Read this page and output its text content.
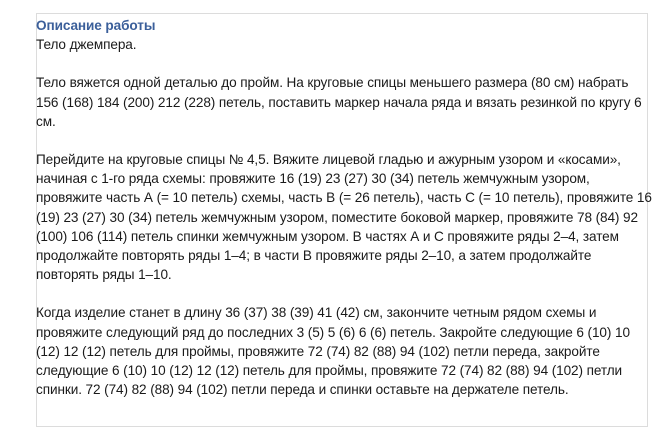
Описание работы

Тело джемпера.

Тело вяжется одной деталью до пройм. На круговые спицы меньшего размера (80 см) набрать 156 (168) 184 (200) 212 (228) петель, поставить маркер начала ряда и вязать резинкой по кругу 6 см.

Перейдите на круговые спицы № 4,5. Вяжите лицевой гладью и ажурным узором и «косами», начиная с 1-го ряда схемы: провяжите 16 (19) 23 (27) 30 (34) петель жемчужным узором, провяжите часть А (= 10 петель) схемы, часть В (= 26 петель), часть С (= 10 петель), провяжите 16 (19) 23 (27) 30 (34) петель жемчужным узором, поместите боковой маркер, провяжите 78 (84) 92 (100) 106 (114) петель спинки жемчужным узором. В частях А и С провяжите ряды 2–4, затем продолжайте повторять ряды 1–4; в части В провяжите ряды 2–10, а затем продолжайте повторять ряды 1–10.

Когда изделие станет в длину 36 (37) 38 (39) 41 (42) см, закончите четным рядом схемы и провяжите следующий ряд до последних 3 (5) 5 (6) 6 (6) петель. Закройте следующие 6 (10) 10 (12) 12 (12) петель для проймы, провяжите 72 (74) 82 (88) 94 (102) петли переда, закройте следующие 6 (10) 10 (12) 12 (12) петель для проймы, провяжите 72 (74) 82 (88) 94 (102) петли спинки. 72 (74) 82 (88) 94 (102) петли переда и спинки оставьте на держателе петель.
